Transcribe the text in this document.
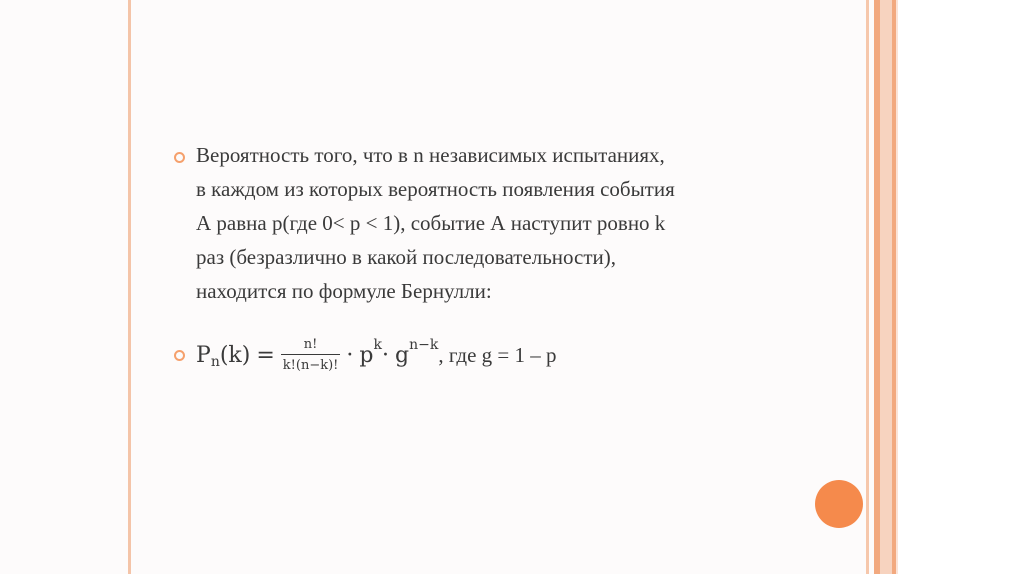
Вероятность того, что в n независимых испытаниях,
в каждом из которых вероятность появления события
А равна p(где 0< p < 1), событие А наступит ровно k
раз (безразлично в какой последовательности),
находится по формуле Бернулли:

P n $(k) = \frac{n!}{k!(n-k)!} \cdot p$ k · g n−k , где g = 1 – p
